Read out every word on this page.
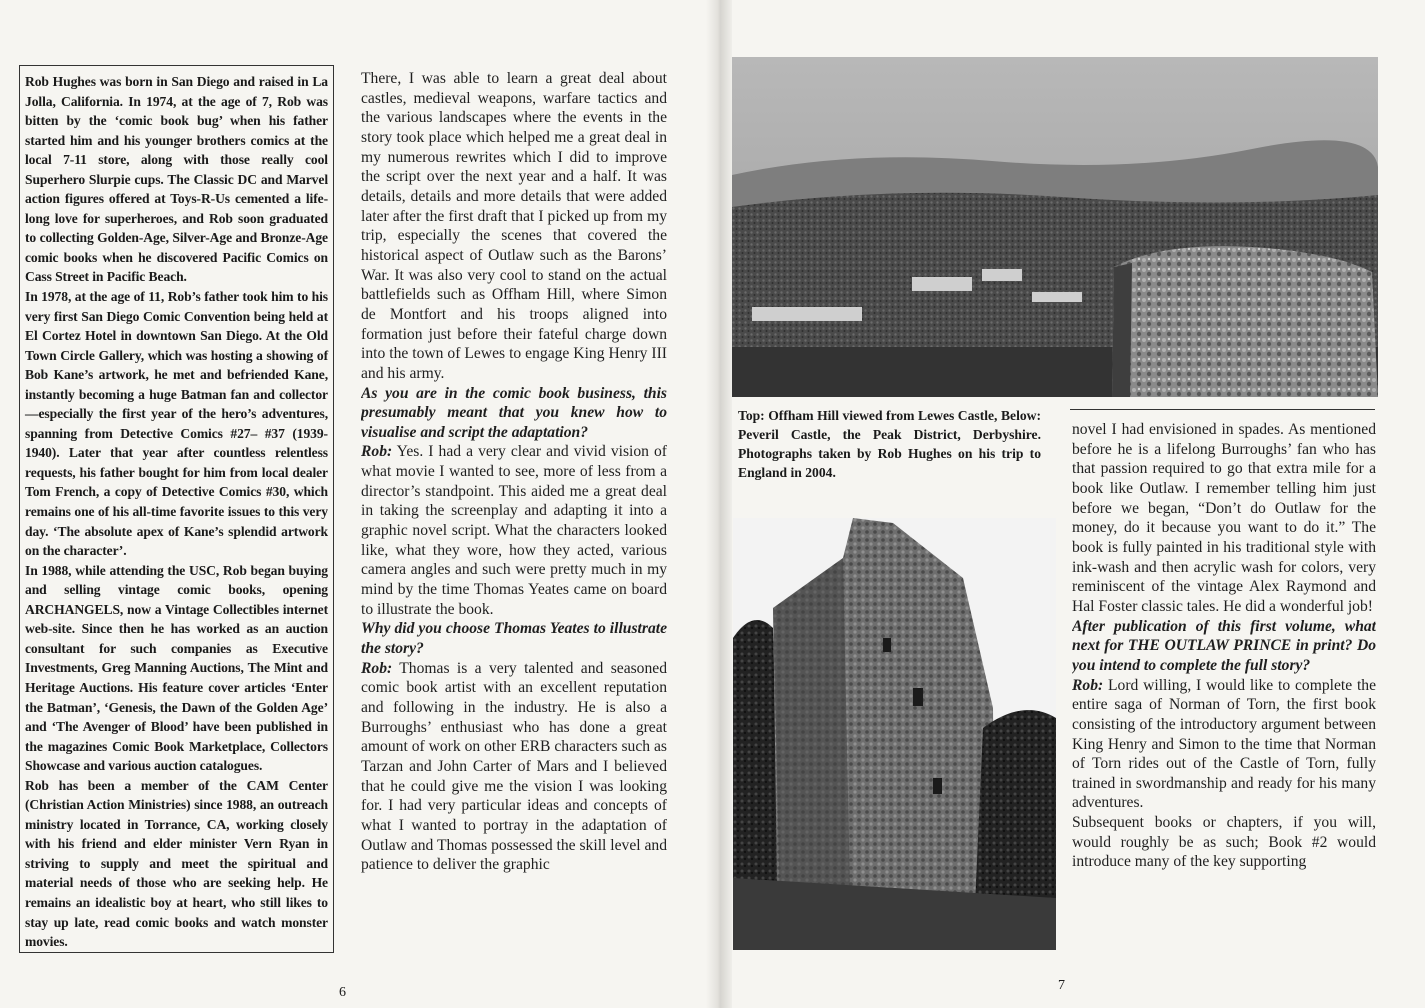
Rob Hughes was born in San Diego and raised in La Jolla, California. In 1974, at the age of 7, Rob was bitten by the ‘comic book bug’ when his father started him and his younger brothers comics at the local 7-11 store, along with those really cool Superhero Slurpie cups. The Classic DC and Marvel action figures offered at Toys-R-Us cemented a life-long love for superheroes, and Rob soon graduated to collecting Golden-Age, Silver-Age and Bronze-Age comic books when he discovered Pacific Comics on Cass Street in Pacific Beach.

In 1978, at the age of 11, Rob’s father took him to his very first San Diego Comic Convention being held at El Cortez Hotel in downtown San Diego. At the Old Town Circle Gallery, which was hosting a showing of Bob Kane’s artwork, he met and befriended Kane, instantly becoming a huge Batman fan and collector—especially the first year of the hero’s adventures, spanning from Detective Comics #27– #37 (1939-1940). Later that year after countless relentless requests, his father bought for him from local dealer Tom French, a copy of Detective Comics #30, which remains one of his all-time favorite issues to this very day. ‘The absolute apex of Kane’s splendid artwork on the character’.

In 1988, while attending the USC, Rob began buying and selling vintage comic books, opening ARCHANGELS, now a Vintage Collectibles internet web-site. Since then he has worked as an auction consultant for such companies as Executive Investments, Greg Manning Auctions, The Mint and Heritage Auctions. His feature cover articles ‘Enter the Batman’, ‘Genesis, the Dawn of the Golden Age’ and ‘The Avenger of Blood’ have been published in the magazines Comic Book Marketplace, Collectors Showcase and various auction catalogues.

Rob has been a member of the CAM Center (Christian Action Ministries) since 1988, an outreach ministry located in Torrance, CA, working closely with his friend and elder minister Vern Ryan in striving to supply and meet the spiritual and material needs of those who are seeking help. He remains an idealistic boy at heart, who still likes to stay up late, read comic books and watch monster movies.

There, I was able to learn a great deal about castles, medieval weapons, warfare tactics and the various landscapes where the events in the story took place which helped me a great deal in my numerous rewrites which I did to improve the script over the next year and a half. It was details, details and more details that were added later after the first draft that I picked up from my trip, especially the scenes that covered the historical aspect of Outlaw such as the Barons’ War. It was also very cool to stand on the actual battlefields such as Offham Hill, where Simon de Montfort and his troops aligned into formation just before their fateful charge down into the town of Lewes to engage King Henry III and his army.

As you are in the comic book business, this presumably meant that you knew how to visualise and script the adaptation?

Rob: Yes. I had a very clear and vivid vision of what movie I wanted to see, more of less from a director’s standpoint. This aided me a great deal in taking the screenplay and adapting it into a graphic novel script. What the characters looked like, what they wore, how they acted, various camera angles and such were pretty much in my mind by the time Thomas Yeates came on board to illustrate the book.

Why did you choose Thomas Yeates to illustrate the story?

Rob: Thomas is a very talented and seasoned comic book artist with an excellent reputation and following in the industry. He is also a Burroughs’ enthusiast who has done a great amount of work on other ERB characters such as Tarzan and John Carter of Mars and I believed that he could give me the vision I was looking for. I had very particular ideas and concepts of what I wanted to portray in the adaptation of Outlaw and Thomas possessed the skill level and patience to deliver the graphic

6
Top: Offham Hill viewed from Lewes Castle, Below: Peveril Castle, the Peak District, Derbyshire. Photographs taken by Rob Hughes on his trip to England in 2004.

novel I had envisioned in spades. As mentioned before he is a lifelong Burroughs’ fan who has that passion required to go that extra mile for a book like Outlaw. I remember telling him just before we began, “Don’t do Outlaw for the money, do it because you want to do it.” The book is fully painted in his traditional style with ink-wash and then acrylic wash for colors, very reminiscent of the vintage Alex Raymond and Hal Foster classic tales. He did a wonderful job!

After publication of this first volume, what next for THE OUTLAW PRINCE in print? Do you intend to complete the full story?

Rob: Lord willing, I would like to complete the entire saga of Norman of Torn, the first book consisting of the introductory argument between King Henry and Simon to the time that Norman of Torn rides out of the Castle of Torn, fully trained in swordmanship and ready for his many adventures.

Subsequent books or chapters, if you will, would roughly be as such; Book #2 would introduce many of the key supporting

7
